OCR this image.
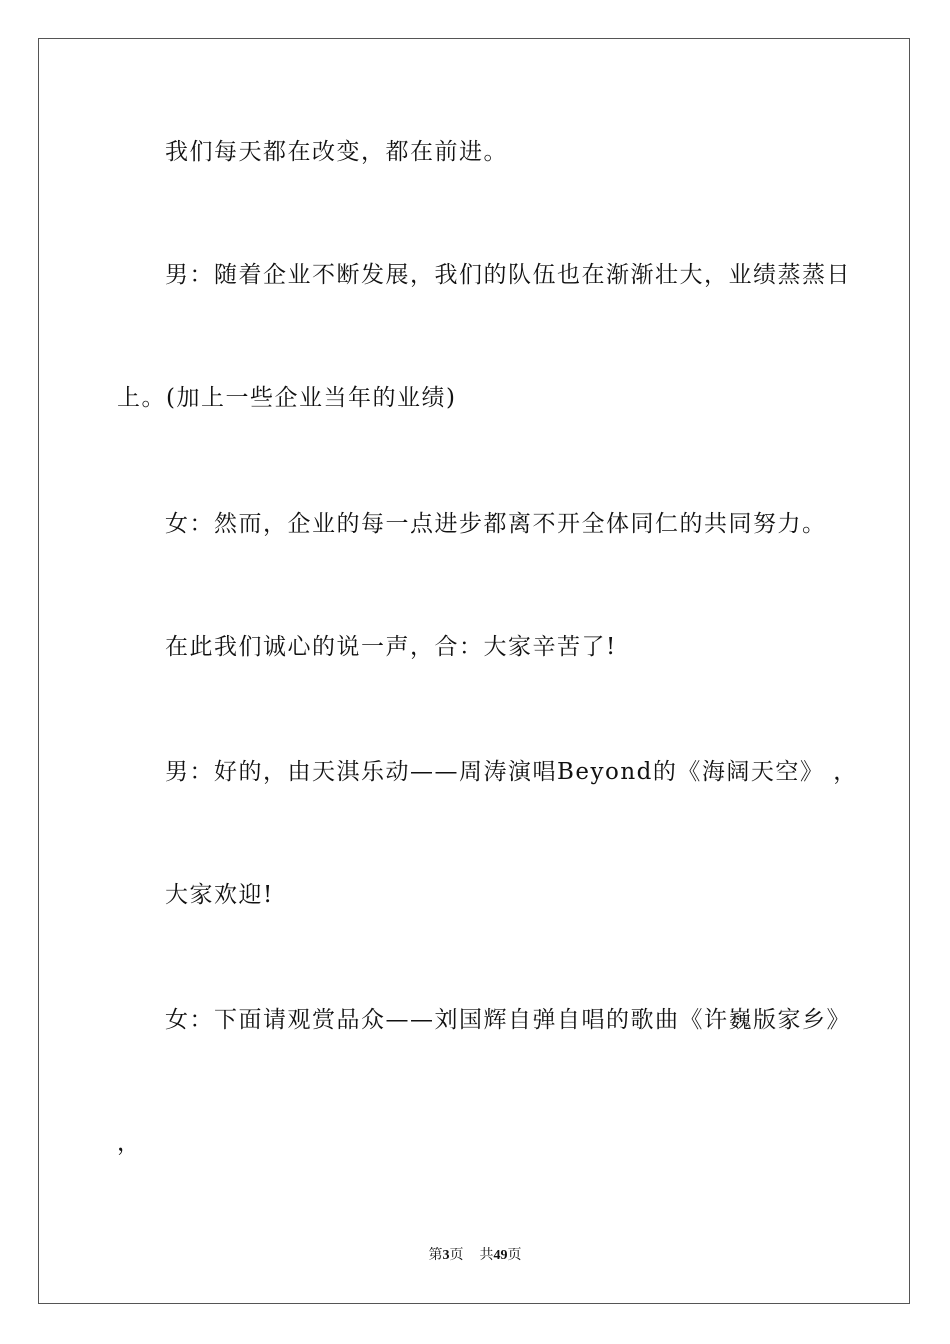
我们每天都在改变，都在前进。
男：随着企业不断发展，我们的队伍也在渐渐壮大，业绩蒸蒸日
上。(加上一些企业当年的业绩)
女：然而，企业的每一点进步都离不开全体同仁的共同努力。
在此我们诚心的说一声，合：大家辛苦了!
男：好的，由天淇乐动——周涛演唱Beyond的《海阔天空》 ，
大家欢迎!
女：下面请观赏品众——刘国辉自弹自唱的歌曲《许巍版家乡》
，
第3页 共49页
